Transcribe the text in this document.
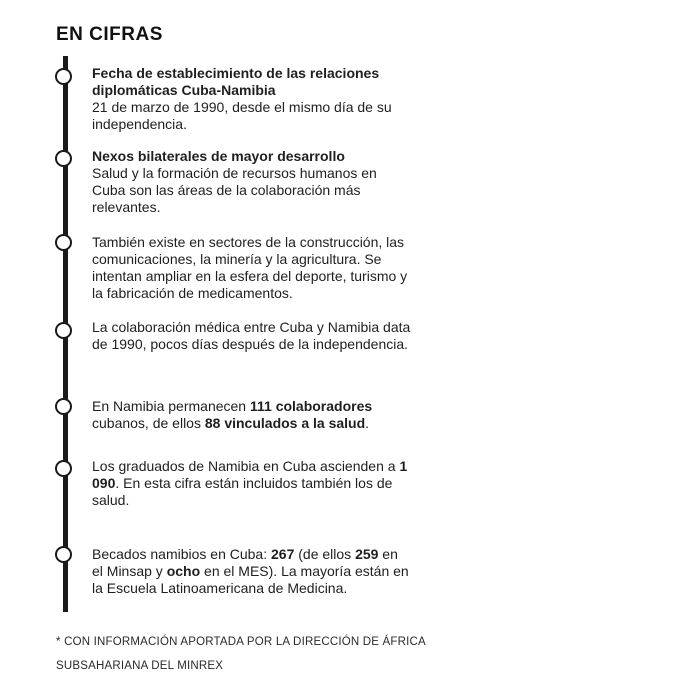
EN CIFRAS
Fecha de establecimiento de las relaciones diplomáticas Cuba-Namibia
21 de marzo de 1990, desde el mismo día de su independencia.
Nexos bilaterales de mayor desarrollo
Salud y la formación de recursos humanos en Cuba son las áreas de la colaboración más relevantes.
También existe en sectores de la construcción, las comunicaciones, la minería y la agricultura. Se intentan ampliar en la esfera del deporte, turismo y la fabricación de medicamentos.
La colaboración médica entre Cuba y Namibia data de 1990, pocos días después de la independencia.
En Namibia permanecen 111 colaboradores cubanos, de ellos 88 vinculados a la salud.
Los graduados de Namibia en Cuba ascienden a 1 090. En esta cifra están incluidos también los de salud.
Becados namibios en Cuba: 267 (de ellos 259 en el Minsap y ocho en el MES). La mayoría están en la Escuela Latinoamericana de Medicina.
* CON INFORMACIÓN APORTADA POR LA DIRECCIÓN DE ÁFRICA SUBSAHARIANA DEL MINREX
